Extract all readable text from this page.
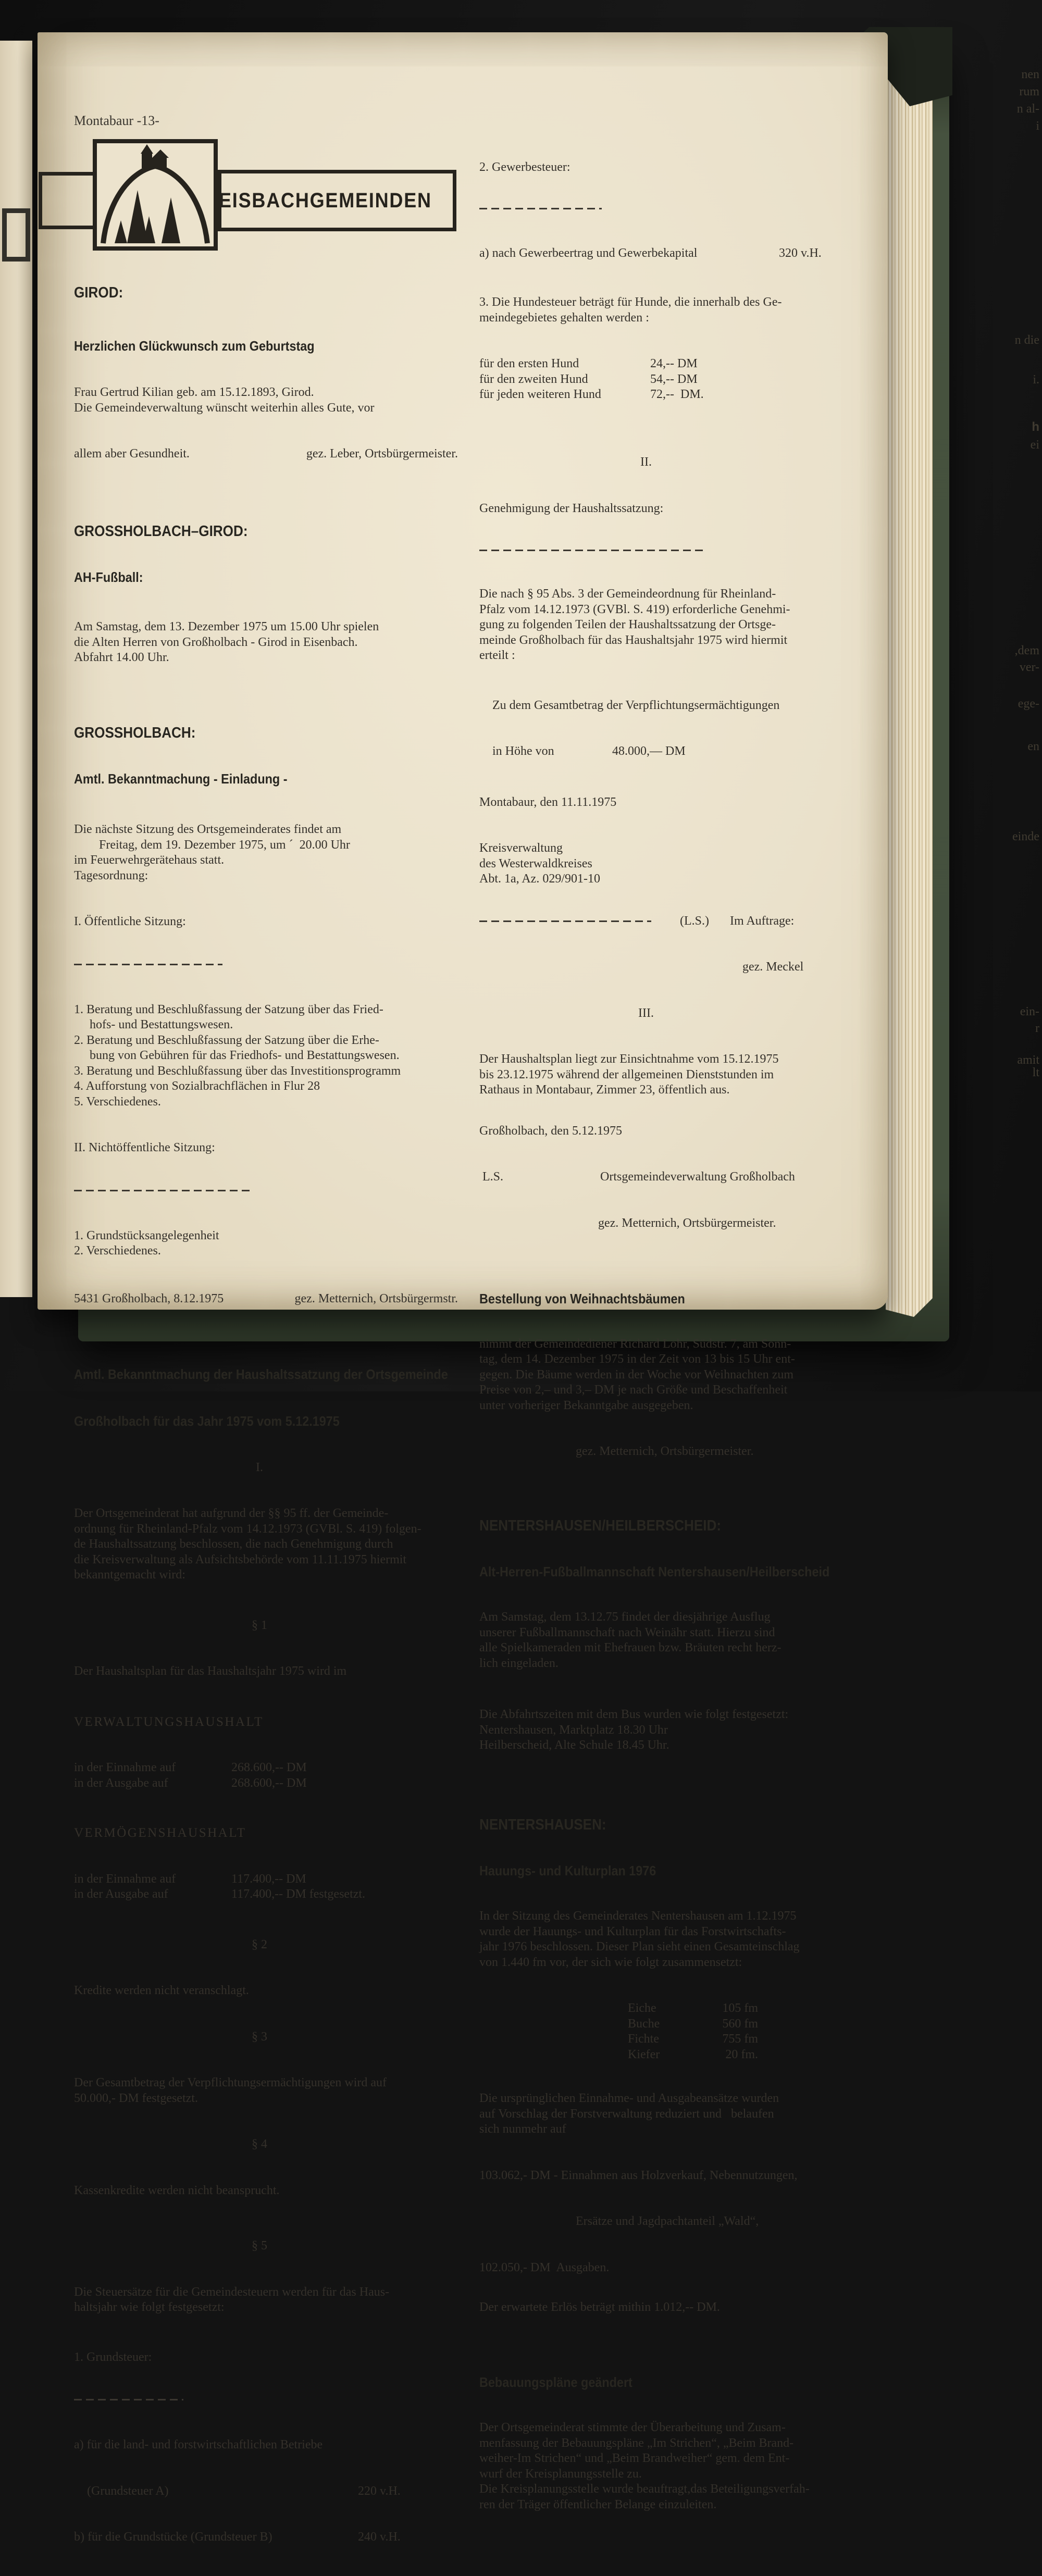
nen
rum
n al-
i
n die
i.
h
ei
,dem
ver-
ege-
en
einde
ein-
r
amit
lt
Montabaur -13-
EISBACHGEMEINDEN

GIROD:

Herzlichen Glückwunsch zum Geburtstag

Frau Gertrud Kilian geb. am 15.12.1893, Girod.
Die Gemeindeverwaltung wünscht weiterhin alles Gute, vor

allem aber Gesundheit.	gez. Leber, Ortsbürgermeister.

GROSSHOLBACH–GIROD:

AH-Fußball:

Am Samstag, dem 13. Dezember 1975 um 15.00 Uhr spielen
die Alten Herren von Großholbach - Girod in Eisenbach.
Abfahrt 14.00 Uhr.

GROSSHOLBACH:

Amtl. Bekanntmachung - Einladung -

Die nächste Sitzung des Ortsgemeinderates findet am
Freitag, dem 19. Dezember 1975, um ´  20.00 Uhr
im Feuerwehrgerätehaus statt.
Tagesordnung:

I. Öffentliche Sitzung:

1. Beratung und Beschlußfassung der Satzung über das Fried-
hofs- und Bestattungswesen.
2. Beratung und Beschlußfassung der Satzung über die Erhe-
bung von Gebühren für das Friedhofs- und Bestattungswesen.
3. Beratung und Beschlußfassung über das Investitionsprogramm
4. Aufforstung von Sozialbrachflächen in Flur 28
5. Verschiedenes.

II. Nichtöffentliche Sitzung:

1. Grundstücksangelegenheit
2. Verschiedenes.

5431 Großholbach, 8.12.1975	gez. Metternich, Ortsbürgermstr.

Amtl. Bekanntmachung der Haushaltssatzung der Ortsgemeinde

Großholbach für das Jahr 1975 vom 5.12.1975

I.

Der Ortsgemeinderat hat aufgrund der §§ 95 ff. der Gemeinde-
ordnung für Rheinland-Pfalz vom 14.12.1973 (GVBl. S. 419) folgen-
de Haushaltssatzung beschlossen, die nach Genehmigung durch
die Kreisverwaltung als Aufsichtsbehörde vom 11.11.1975 hiermit
bekanntgemacht wird:

§ 1

Der Haushaltsplan für das Haushaltsjahr 1975 wird im

VERWALTUNGSHAUSHALT

in der Einnahme auf	268.600,-- DM
in der Ausgabe auf	268.600,-- DM

VERMÖGENSHAUSHALT

in der Einnahme auf	117.400,-- DM
in der Ausgabe auf	117.400,-- DM festgesetzt.

§ 2

Kredite werden nicht veranschlagt.

§ 3

Der Gesamtbetrag der Verpflichtungsermächtigungen wird auf
50.000,- DM festgesetzt.

§ 4

Kassenkredite werden nicht beansprucht.

§ 5

Die Steuersätze für die Gemeindesteuern werden für das Haus-
haltsjahr wie folgt festgesetzt:

1. Grundsteuer:

a) für die land- und forstwirtschaftlichen Betriebe

(Grundsteuer A)	220 v.H.

b) für die Grundstücke (Grundsteuer B)	240 v.H.

2. Gewerbesteuer:

a) nach Gewerbeertrag und Gewerbekapital	320 v.H.

3. Die Hundesteuer beträgt für Hunde, die innerhalb des Ge-
meindegebietes gehalten werden :

für den ersten Hund	24,-- DM
für den zweiten Hund	54,-- DM
für jeden weiteren Hund	72,--  DM.

II.

Genehmigung der Haushaltssatzung:

Die nach § 95 Abs. 3 der Gemeindeordnung für Rheinland-
Pfalz vom 14.12.1973 (GVBl. S. 419) erforderliche Genehmi-
gung zu folgenden Teilen der Haushaltssatzung der Ortsge-
meinde Großholbach für das Haushaltsjahr 1975 wird hiermit
erteilt :

Zu dem Gesamtbetrag der Verpflichtungsermächtigungen

in Höhe von	48.000,— DM

Montabaur, den 11.11.1975

Kreisverwaltung
des Westerwaldkreises
Abt. 1a, Az. 029/901-10

(L.S.) Im Auftrage:

gez. Meckel

III.

Der Haushaltsplan liegt zur Einsichtnahme vom 15.12.1975
bis 23.12.1975 während der allgemeinen Dienststunden im
Rathaus in Montabaur, Zimmer 23, öffentlich aus.

Großholbach, den 5.12.1975

L.S.	Ortsgemeindeverwaltung Großholbach

gez. Metternich, Ortsbürgermeister.

Bestellung von Weihnachtsbäumen

nimmt der Gemeindediener Richard Lohr, Südstr. 7, am Sonn-
tag, dem 14. Dezember 1975 in der Zeit von 13 bis 15 Uhr ent-
gegen. Die Bäume werden in der Woche vor Weihnachten zum
Preise von 2,– und 3,– DM je nach Größe und Beschaffenheit
unter vorheriger Bekanntgabe ausgegeben.

gez. Metternich, Ortsbürgermeister.

NENTERSHAUSEN/HEILBERSCHEID:

Alt-Herren-Fußballmannschaft Nentershausen/Heilberscheid

Am Samstag, dem 13.12.75 findet der diesjährige Ausflug
unserer Fußballmannschaft nach Weinähr statt. Hierzu sind
alle Spielkameraden mit Ehefrauen bzw. Bräuten recht herz-
lich eingeladen.

Die Abfahrtszeiten mit dem Bus wurden wie folgt festgesetzt:
Nentershausen, Marktplatz 18.30 Uhr
Heilberscheid, Alte Schule 18.45 Uhr.

NENTERSHAUSEN:

Hauungs- und Kulturplan 1976

In der Sitzung des Gemeinderates Nentershausen am 1.12.1975
wurde der Hauungs- und Kulturplan für das Forstwirtschafts-
jahr 1976 beschlossen. Dieser Plan sieht einen Gesamteinschlag
von 1.440 fm vor, der sich wie folgt zusammensetzt:

Eiche	105 fm
Buche	560 fm
Fichte	755 fm
Kiefer	20 fm.

Die ursprünglichen Einnahme- und Ausgabeansätze wurden
auf Vorschlag der Forstverwaltung reduziert und   belaufen
sich nunmehr auf

103.062,- DM - Einnahmen aus Holzverkauf, Nebennutzungen,

Ersätze und Jagdpachtanteil „Wald“,

102.050,- DM  Ausgaben.

Der erwartete Erlös beträgt mithin 1.012,-- DM.

Bebauungspläne geändert

Der Ortsgemeinderat stimmte der Überarbeitung und Zusam-
menfassung der Bebauungspläne „Im Strichen“, „Beim Brand-
weiher-Im Strichen“ und „Beim Brandweiher“ gem. dem Ent-
wurf der Kreisplanungsstelle zu.
Die Kreisplanungsstelle wurde beauftragt,das Beteiligungsverfah-
ren der Träger öffentlicher Belange einzuleiten.
